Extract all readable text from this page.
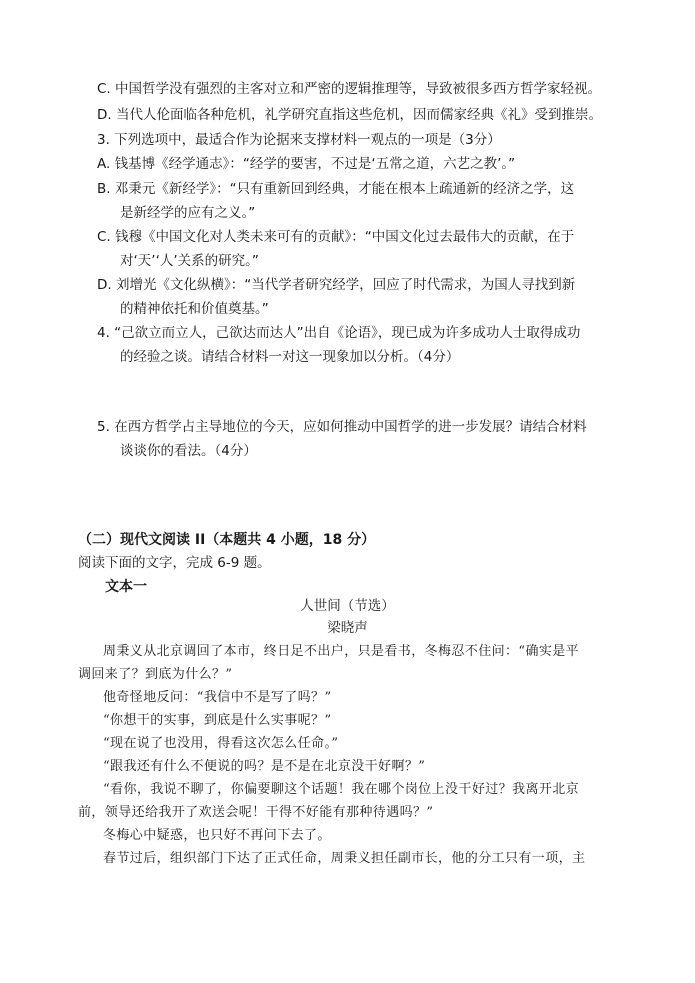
C. 中国哲学没有强烈的主客对立和严密的逻辑推理等，导致被很多西方哲学家轻视。
D. 当代人伦面临各种危机，礼学研究直指这些危机，因而儒家经典《礼》受到推崇。
3. 下列选项中，最适合作为论据来支撑材料一观点的一项是（3分）
A. 钱基博《经学通志》：“经学的要害，不过是‘五常之道，六艺之教’。”
B. 邓秉元《新经学》：“只有重新回到经典，才能在根本上疏通新的经济之学，这
是新经学的应有之义。”
C. 钱穆《中国文化对人类未来可有的贡献》：“中国文化过去最伟大的贡献，在于
对‘天’‘人’关系的研究。”
D. 刘增光《文化纵横》：“当代学者研究经学，回应了时代需求，为国人寻找到新
的精神依托和价值奠基。”
4. “己欲立而立人，己欲达而达人”出自《论语》，现已成为许多成功人士取得成功
的经验之谈。请结合材料一对这一现象加以分析。（4分）
5. 在西方哲学占主导地位的今天，应如何推动中国哲学的进一步发展？请结合材料
谈谈你的看法。（4分）
（二）现代文阅读 II（本题共 4 小题，18 分）
阅读下面的文字，完成 6-9 题。
文本一
人世间（节选）
梁晓声
周秉义从北京调回了本市，终日足不出户，只是看书，冬梅忍不住问：“确实是平
调回来了？到底为什么？”
他奇怪地反问：“我信中不是写了吗？”
“你想干的实事，到底是什么实事呢？”
“现在说了也没用，得看这次怎么任命。”
“跟我还有什么不便说的吗？是不是在北京没干好啊？”
“看你，我说不聊了，你偏要聊这个话题！我在哪个岗位上没干好过？我离开北京
前，领导还给我开了欢送会呢！干得不好能有那种待遇吗？”
冬梅心中疑惑，也只好不再问下去了。
春节过后，组织部门下达了正式任命，周秉义担任副市长，他的分工只有一项，主
